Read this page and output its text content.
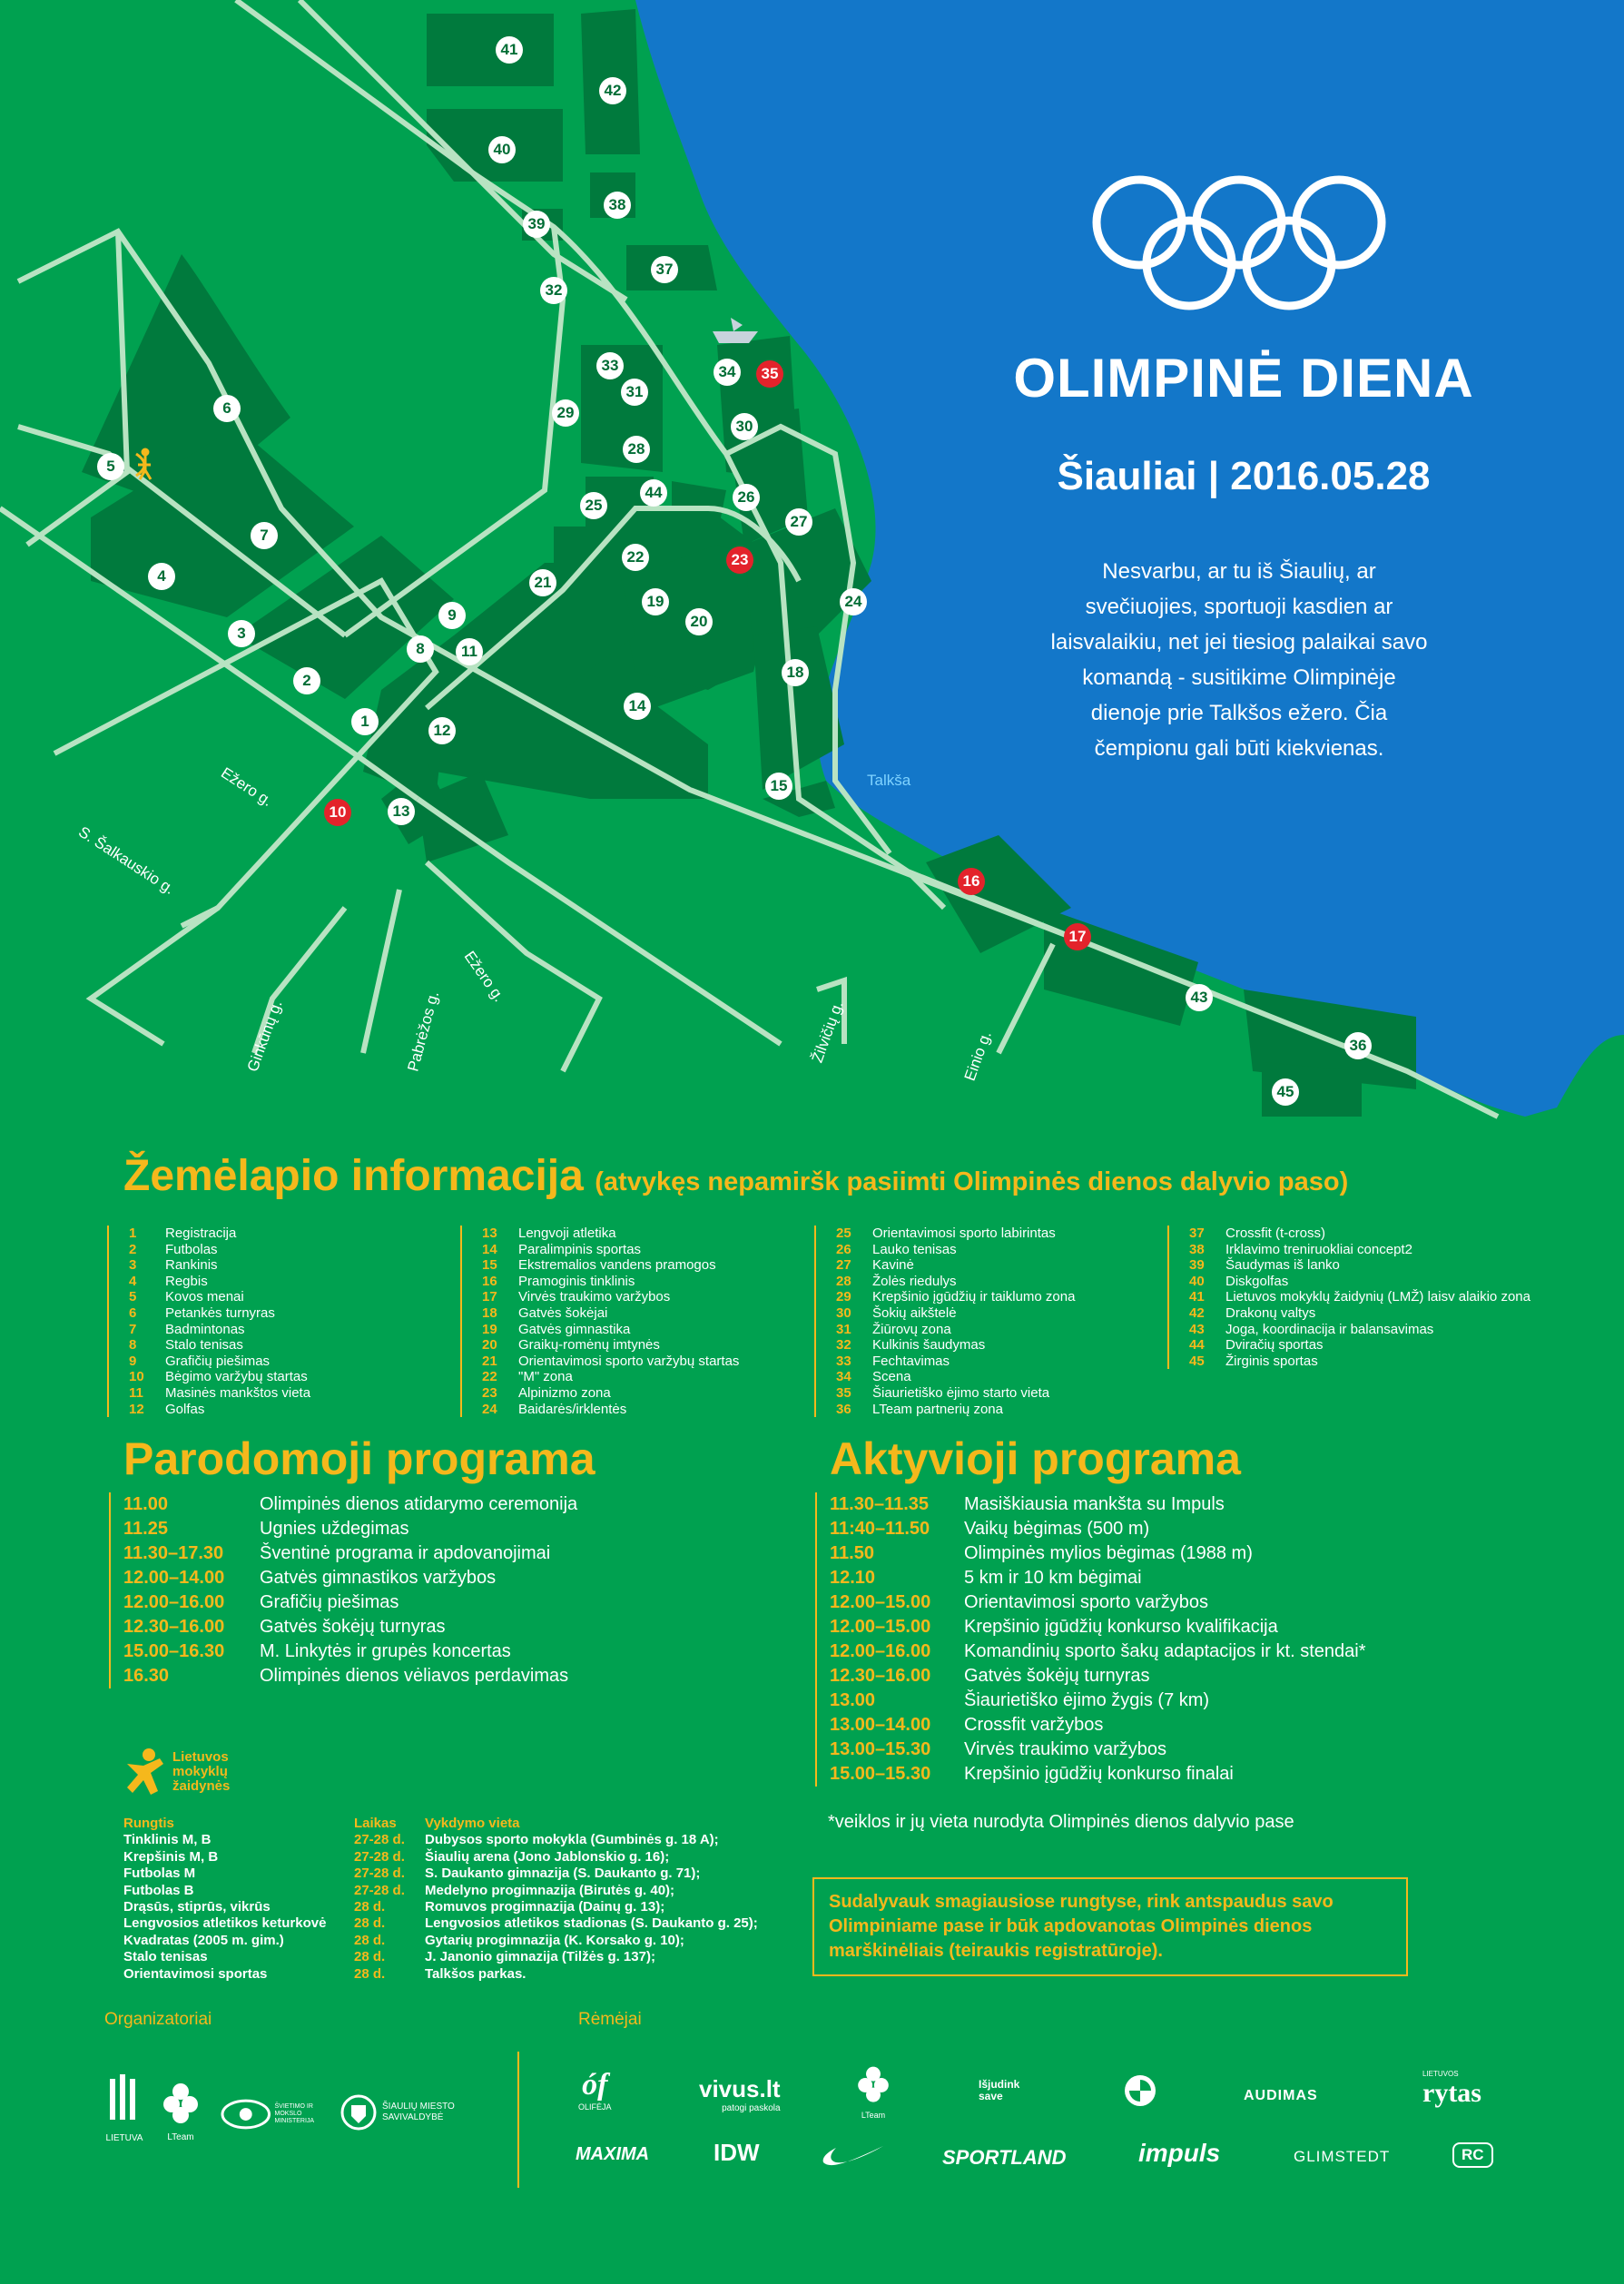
Ežero g.
S. Šalkauskio g.
Ginkūnų g.	Pabrėžos g.
Ežero g.
Žilvičių g.	Einio g.
Talkša
41
42
40
38
39
37
32
33	34	35
31
29
30
28
44	26
25
27
22	23
21
19
20
24
9
11
8
18
14
12
1
2
3
4
7
6
5
15
10	13
16
17
43
36
45
OLIMPINĖ DIENA
Šiauliai | 2016.05.28
Nesvarbu, ar tu iš Šiaulių, ar svečiuojies, sportuoji kasdien ar laisvalaikiu, net jei tiesiog palaikai savo komandą - susitikime Olimpinėje dienoje prie Talkšos ežero. Čia čempionu gali būti kiekvienas.
Žemėlapio informacija (atvykęs nepamiršk pasiimti Olimpinės dienos dalyvio paso)
1	Registracija
2	Futbolas
3	Rankinis
4	Regbis
5	Kovos menai
6	Petankės turnyras
7	Badmintonas
8	Stalo tenisas
9	Grafičių piešimas
10	Bėgimo varžybų startas
11	Masinės mankštos vieta
12	Golfas
13	Lengvoji atletika
14	Paralimpinis sportas
15	Ekstremalios vandens pramogos
16	Pramoginis tinklinis
17	Virvės traukimo varžybos
18	Gatvės šokėjai
19	Gatvės gimnastika
20	Graikų-romėnų imtynės
21	Orientavimosi sporto varžybų startas
22	"M" zona
23	Alpinizmo zona
24	Baidarės/irklentės
25	Orientavimosi sporto labirintas
26	Lauko tenisas
27	Kavinė
28	Žolės riedulys
29	Krepšinio įgūdžių ir taiklumo zona
30	Šokių aikštelė
31	Žiūrovų zona
32	Kulkinis šaudymas
33	Fechtavimas
34	Scena
35	Šiaurietiško ėjimo starto vieta
36	LTeam partnerių zona
37	Crossfit (t-cross)
38	Irklavimo treniruokliai concept2
39	Šaudymas iš lanko
40	Diskgolfas
41	Lietuvos mokyklų žaidynių (LMŽ) laisv alaikio zona
42	Drakonų valtys
43	Joga, koordinacija ir balansavimas
44	Dviračių sportas
45	Žirginis sportas
Parodomoji programa
11.00	Olimpinės dienos atidarymo ceremonija
11.25	Ugnies uždegimas
11.30–17.30	Šventinė programa ir apdovanojimai
12.00–14.00	Gatvės gimnastikos varžybos
12.00–16.00	Grafičių piešimas
12.30–16.00	Gatvės šokėjų turnyras
15.00–16.30	M. Linkytės ir grupės koncertas
16.30	Olimpinės dienos vėliavos perdavimas
Aktyvioji programa
11.30–11.35	Masiškiausia mankšta su Impuls
11:40–11.50	Vaikų bėgimas (500 m)
11.50	Olimpinės mylios bėgimas (1988 m)
12.10	5 km ir 10 km bėgimai
12.00–15.00	Orientavimosi sporto varžybos
12.00–15.00	Krepšinio įgūdžių konkurso kvalifikacija
12.00–16.00	Komandinių sporto šakų adaptacijos ir kt. stendai*
12.30–16.00	Gatvės šokėjų turnyras
13.00	Šiaurietiško ėjimo žygis (7 km)
13.00–14.00	Crossfit varžybos
13.00–15.30	Virvės traukimo varžybos
15.00–15.30	Krepšinio įgūdžių konkurso finalai
*veiklos ir jų vieta nurodyta Olimpinės dienos dalyvio pase
Sudalyvauk smagiausiose rungtyse, rink antspaudus savo Olimpiniame pase ir būk apdovanotas Olimpinės dienos marškinėliais (teiraukis registratūroje).
Lietuvos mokyklų žaidynės
Rungtis	Laikas	Vykdymo vieta
Tinklinis M, B	27-28 d.	Dubysos sporto mokykla (Gumbinės g. 18 A);
Krepšinis M, B	27-28 d.	Šiaulių arena (Jono Jablonskio g. 16);
Futbolas M	27-28 d.	S. Daukanto gimnazija (S. Daukanto g. 71);
Futbolas B	27-28 d.	Medelyno progimnazija (Birutės g. 40);
Drąsūs, stiprūs, vikrūs	28 d.	Romuvos progimnazija (Dainų g. 13);
Lengvosios atletikos keturkovė	28 d.	Lengvosios atletikos stadionas (S. Daukanto g. 25);
Kvadratas (2005 m. gim.)	28 d.	Gytarių progimnazija (K. Korsako g. 10);
Stalo tenisas	28 d.	J. Janonio gimnazija (Tilžės g. 137);
Orientavimosi sportas	28 d.	Talkšos parkas.
Organizatoriai	Rėmėjai
LIETUVA	LTeam
ŠVIETIMO IR MOKSLO MINISTERIJA
ŠIAULIŲ MIESTO SAVIVALDYBĖ
óf
OLIFĖJA
vivus.lt
patogi paskola
LTeam
Išjudink save	AUDIMAS
LIETUVOS
rytas
MAXIMA	IDW	SPORTLAND	impuls	GLIMSTEDT	RC
